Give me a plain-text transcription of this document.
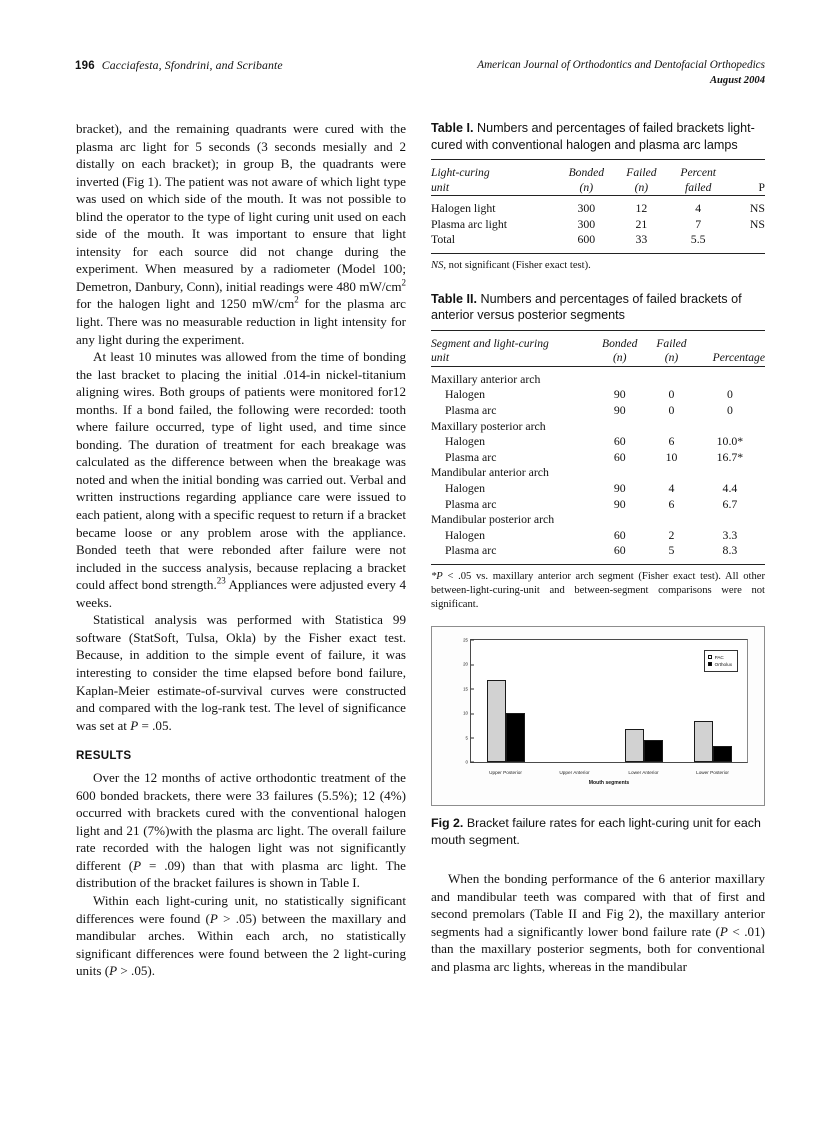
196 Cacciafesta, Sfondrini, and Scribante	American Journal of Orthodontics and Dentofacial Orthopedics
August 2004

bracket), and the remaining quadrants were cured with the plasma arc light for 5 seconds (3 seconds mesially and 2 distally on each bracket); in group B, the quadrants were inverted (Fig 1). The patient was not aware of which light type was used on which side of the mouth. It was not possible to blind the operator to the type of light curing unit used on each side of the mouth. It was important to ensure that light intensity for each source did not change during the experiment. When measured by a radiometer (Model 100; Demetron, Danbury, Conn), initial readings were 480 $mW/cm^2$ for the halogen light and 1250 $mW/cm^2$ for the plasma arc light. There was no measurable reduction in light intensity for any light during the experiment.

At least 10 minutes was allowed from the time of bonding the last bracket to placing the initial .014-in nickel-titanium aligning wires. Both groups of patients were monitored for12 months. If a bond failed, the following were recorded: tooth where failure occurred, type of light used, and time since bonding. The duration of treatment for each breakage was calculated as the difference between when the breakage was noted and when the initial bonding was carried out. Verbal and written instructions regarding appliance care were issued to each patient, along with a specific request to return if a bracket became loose or any problem arose with the appliance. Bonded teeth that were rebonded after failure were not included in the success analysis, because replacing a bracket could affect bond strength.$^{23}$ Appliances were adjusted every 4 weeks.

Statistical analysis was performed with Statistica 99 software (StatSoft, Tulsa, Okla) by the Fisher exact test. Because, in addition to the simple event of failure, it was interesting to consider the time elapsed before bond failure, Kaplan-Meier estimate-of-survival curves were constructed and compared with the log-rank test. The level of significance was set at P = .05.

RESULTS

Over the 12 months of active orthodontic treatment of the 600 bonded brackets, there were 33 failures (5.5%); 12 (4%) occurred with brackets cured with the conventional halogen light and 21 (7%)with the plasma arc light. The overall failure rate recorded with the halogen light was not significantly different (P = .09) than that with plasma arc light. The distribution of the bracket failures is shown in Table I.

Within each light-curing unit, no statistically significant differences were found (P > .05) between the maxillary and mandibular arches. Within each arch, no statistically significant differences were found between the 2 light-curing units (P > .05).

Table I. Numbers and percentages of failed brackets light-cured with conventional halogen and plasma arc lamps
Light-curing	Bonded	Failed	Percent	
unit	(n)	(n)	failed	P
Halogen light	300	12	4	NS
Plasma arc light	300	21	7	NS
Total	600	33	5.5	
NS, not significant (Fisher exact test).
Table II. Numbers and percentages of failed brackets of anterior versus posterior segments
Segment and light-curing	Bonded	Failed	
unit	(n)	(n)	Percentage
Maxillary anterior arch			
Halogen	90	0	0
Plasma arc	90	0	0
Maxillary posterior arch			
Halogen	60	6	10.0*
Plasma arc	60	10	16.7*
Mandibular anterior arch			
Halogen	90	4	4.4
Plasma arc	90	6	6.7
Mandibular posterior arch			
Halogen	60	2	3.3
Plasma arc	60	5	8.3
*P < .05 vs. maxillary anterior arch segment (Fisher exact test). All other between-light-curing-unit and between-segment comparisons were not significant.
25
20
15
10
5
0
Upper Posterior	Upper Anterior	Lower Anterior	Lower Posterior
Mouth segments
PAC
Ortholux
Fig 2. Bracket failure rates for each light-curing unit for each mouth segment.

When the bonding performance of the 6 anterior maxillary and mandibular teeth was compared with that of first and second premolars (Table II and Fig 2), the maxillary anterior segments had a significantly lower bond failure rate (P < .01) than the maxillary posterior segments, both for conventional and plasma arc lights, whereas in the mandibular
